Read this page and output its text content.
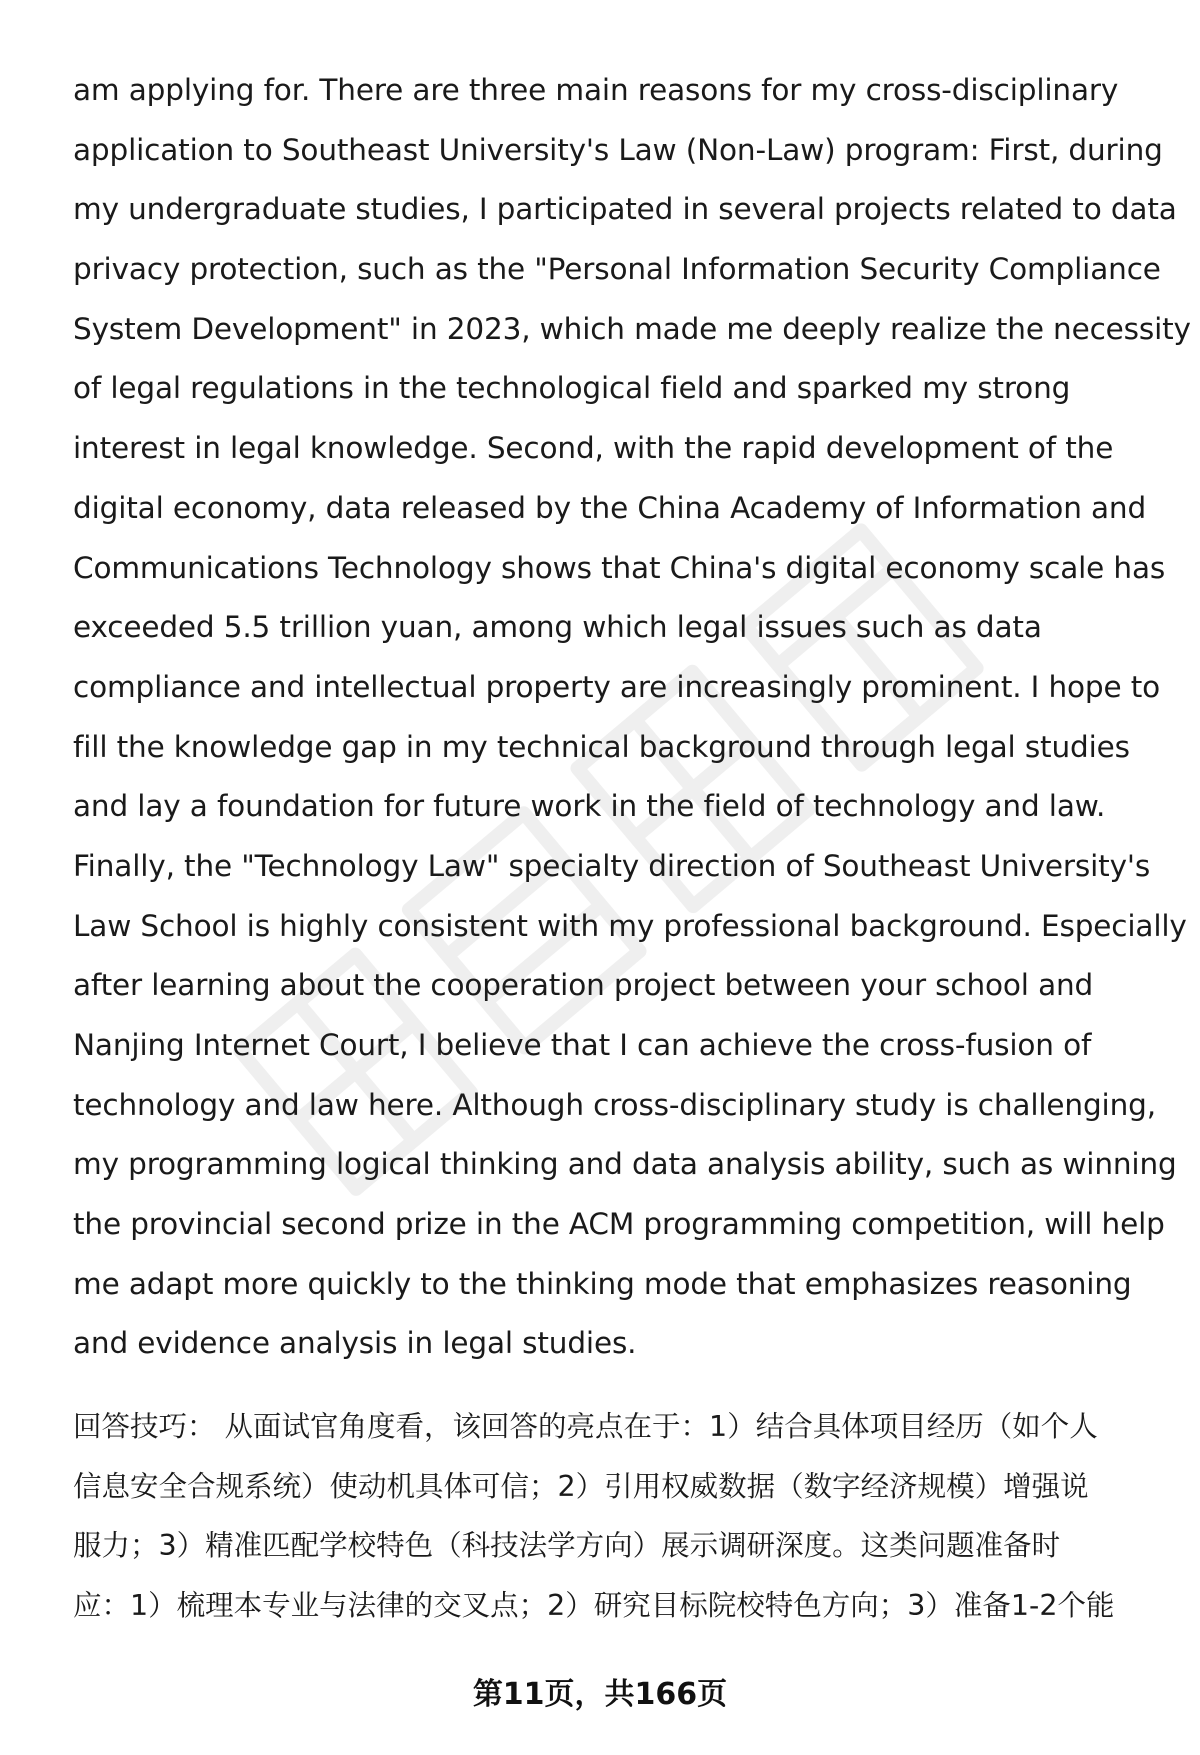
am applying for. There are three main reasons for my cross-disciplinary
application to Southeast University's Law (Non-Law) program: First, during
my undergraduate studies, I participated in several projects related to data
privacy protection, such as the "Personal Information Security Compliance
System Development" in 2023, which made me deeply realize the necessity
of legal regulations in the technological field and sparked my strong
interest in legal knowledge. Second, with the rapid development of the
digital economy, data released by the China Academy of Information and
Communications Technology shows that China's digital economy scale has
exceeded 5.5 trillion yuan, among which legal issues such as data
compliance and intellectual property are increasingly prominent. I hope to
fill the knowledge gap in my technical background through legal studies
and lay a foundation for future work in the field of technology and law.
Finally, the "Technology Law" specialty direction of Southeast University's
Law School is highly consistent with my professional background. Especially
after learning about the cooperation project between your school and
Nanjing Internet Court, I believe that I can achieve the cross-fusion of
technology and law here. Although cross-disciplinary study is challenging,
my programming logical thinking and data analysis ability, such as winning
the provincial second prize in the ACM programming competition, will help
me adapt more quickly to the thinking mode that emphasizes reasoning
and evidence analysis in legal studies.
回答技巧： 从面试官角度看，该回答的亮点在于：1）结合具体项目经历（如个人
信息安全合规系统）使动机具体可信；2）引用权威数据（数字经济规模）增强说
服力；3）精准匹配学校特色（科技法学方向）展示调研深度。这类问题准备时
应：1）梳理本专业与法律的交叉点；2）研究目标院校特色方向；3）准备1-2个能
第11页，共166页
